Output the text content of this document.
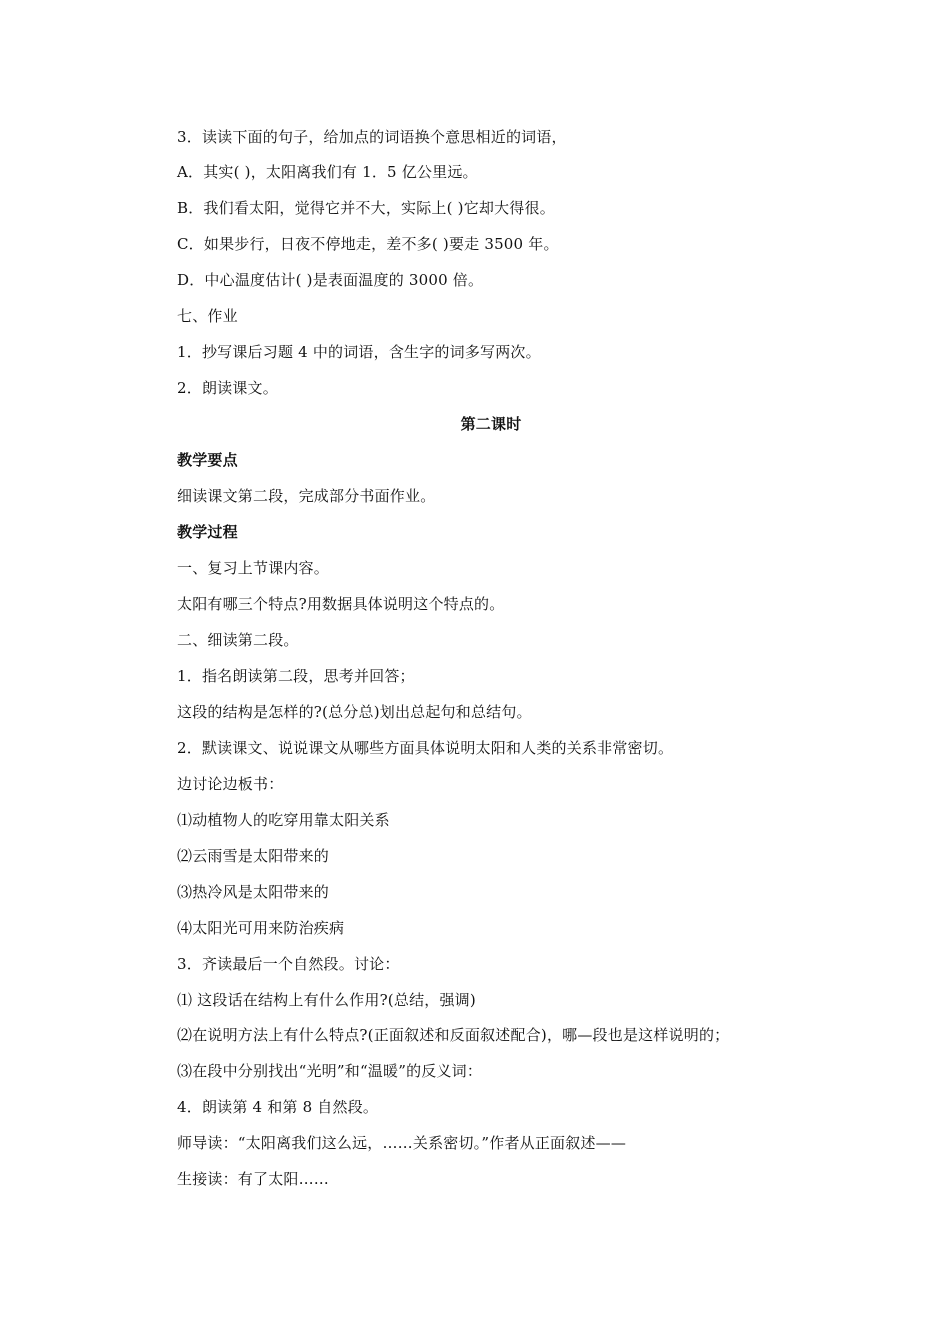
3．读读下面的句子，给加点的词语换个意思相近的词语，
A．其实( )，太阳离我们有 1．5 亿公里远。
B．我们看太阳，觉得它并不大，实际上( )它却大得很。
C．如果步行，日夜不停地走，差不多( )要走 3500 年。
D．中心温度估计( )是表面温度的 3000 倍。
七、作业
1．抄写课后习题 4 中的词语，含生字的词多写两次。
2．朗读课文。
第二课时
教学要点
细读课文第二段，完成部分书面作业。
教学过程
一、复习上节课内容。
太阳有哪三个特点?用数据具体说明这个特点的。
二、细读第二段。
1．指名朗读第二段，思考并回答；
这段的结构是怎样的?(总分总)划出总起句和总结句。
2．默读课文、说说课文从哪些方面具体说明太阳和人类的关系非常密切。
边讨论边板书：
⑴动植物人的吃穿用靠太阳关系
⑵云雨雪是太阳带来的
⑶热冷风是太阳带来的
⑷太阳光可用来防治疾病
3．齐读最后一个自然段。讨论：
⑴ 这段话在结构上有什么作用?(总结，强调)
⑵在说明方法上有什么特点?(正面叙述和反面叙述配合)，哪—段也是这样说明的；
⑶在段中分别找出“光明”和“温暖”的反义词：
4．朗读第 4 和第 8 自然段。
师导读：“太阳离我们这么远，……关系密切。”作者从正面叙述——
生接读：有了太阳……
